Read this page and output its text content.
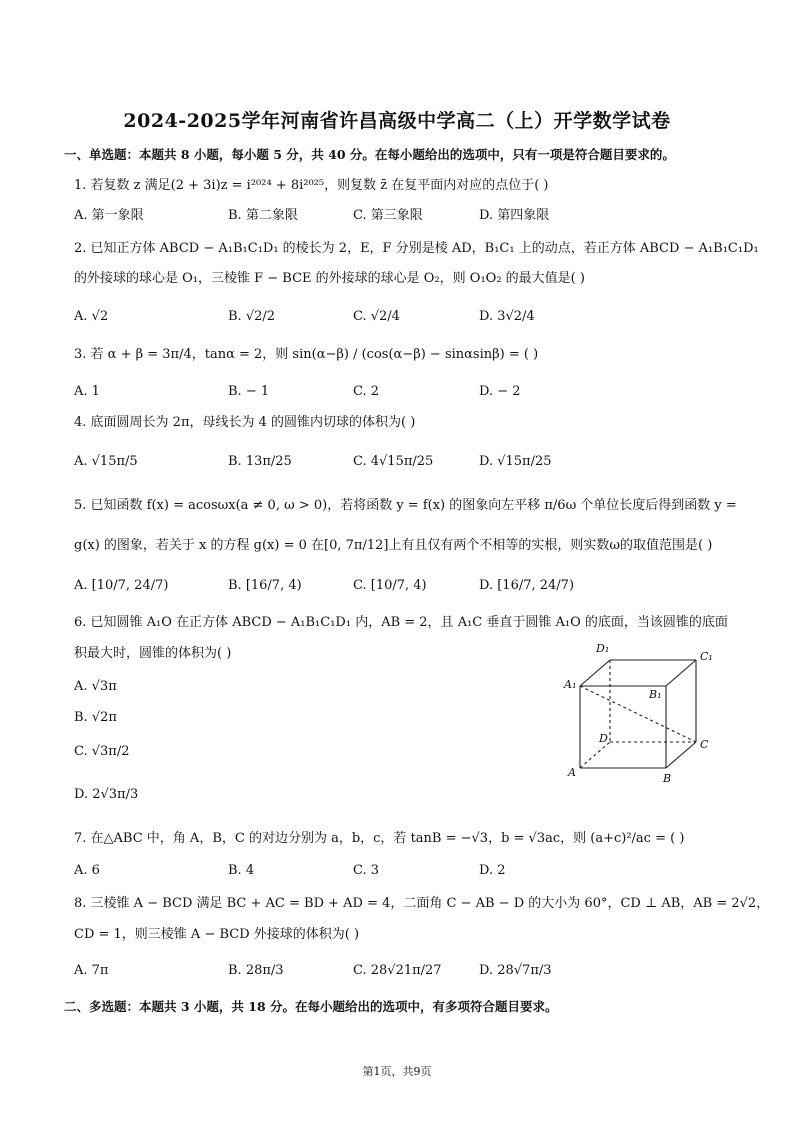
2024-2025学年河南省许昌高级中学高二（上）开学数学试卷
一、单选题：本题共 8 小题，每小题 5 分，共 40 分。在每小题给出的选项中，只有一项是符合题目要求的。
1. 若复数 z 满足(2 + 3i)z = i²⁰²⁴ + 8i²⁰²⁵，则复数 z̄ 在复平面内对应的点位于( )
A. 第一象限	B. 第二象限	C. 第三象限	D. 第四象限
2. 已知正方体 ABCD − A₁B₁C₁D₁ 的棱长为 2，E，F 分别是棱 AD，B₁C₁ 上的动点，若正方体 ABCD − A₁B₁C₁D₁
的外接球的球心是 O₁，三棱锥 F − BCE 的外接球的球心是 O₂，则 O₁O₂ 的最大值是( )
A. √2	B. √2/2	C. √2/4	D. 3√2/4
3. 若 α + β = 3π/4，tanα = 2，则 sin(α−β) / (cos(α−β) − sinαsinβ) = ( )
A. 1	B. − 1	C. 2	D. − 2
4. 底面圆周长为 2π，母线长为 4 的圆锥内切球的体积为( )
A. √15π/5	B. 13π/25	C. 4√15π/25	D. √15π/25
5. 已知函数 f(x) = acosωx(a ≠ 0, ω > 0)，若将函数 y = f(x) 的图象向左平移 π/6ω 个单位长度后得到函数 y =
g(x) 的图象，若关于 x 的方程 g(x) = 0 在[0, 7π/12]上有且仅有两个不相等的实根，则实数ω的取值范围是( )
A. [10/7, 24/7)	B. [16/7, 4)	C. [10/7, 4)	D. [16/7, 24/7)
6. 已知圆锥 A₁O 在正方体 ABCD − A₁B₁C₁D₁ 内，AB = 2，且 A₁C 垂直于圆锥 A₁O 的底面，当该圆锥的底面
积最大时，圆锥的体积为( )
A. √3π
B. √2π
C. √3π/2
D. 2√3π/3
D₁
C₁
A₁
B₁
D	C
A	B
7. 在△ABC 中，角 A，B，C 的对边分别为 a，b，c，若 tanB = −√3，b = √3ac，则 (a+c)²/ac = ( )
A. 6	B. 4	C. 3	D. 2
8. 三棱锥 A − BCD 满足 BC + AC = BD + AD = 4，二面角 C − AB − D 的大小为 60°，CD ⊥ AB，AB = 2√2，
CD = 1，则三棱锥 A − BCD 外接球的体积为( )
A. 7π	B. 28π/3	C. 28√21π/27	D. 28√7π/3
二、多选题：本题共 3 小题，共 18 分。在每小题给出的选项中，有多项符合题目要求。
第1页，共9页
